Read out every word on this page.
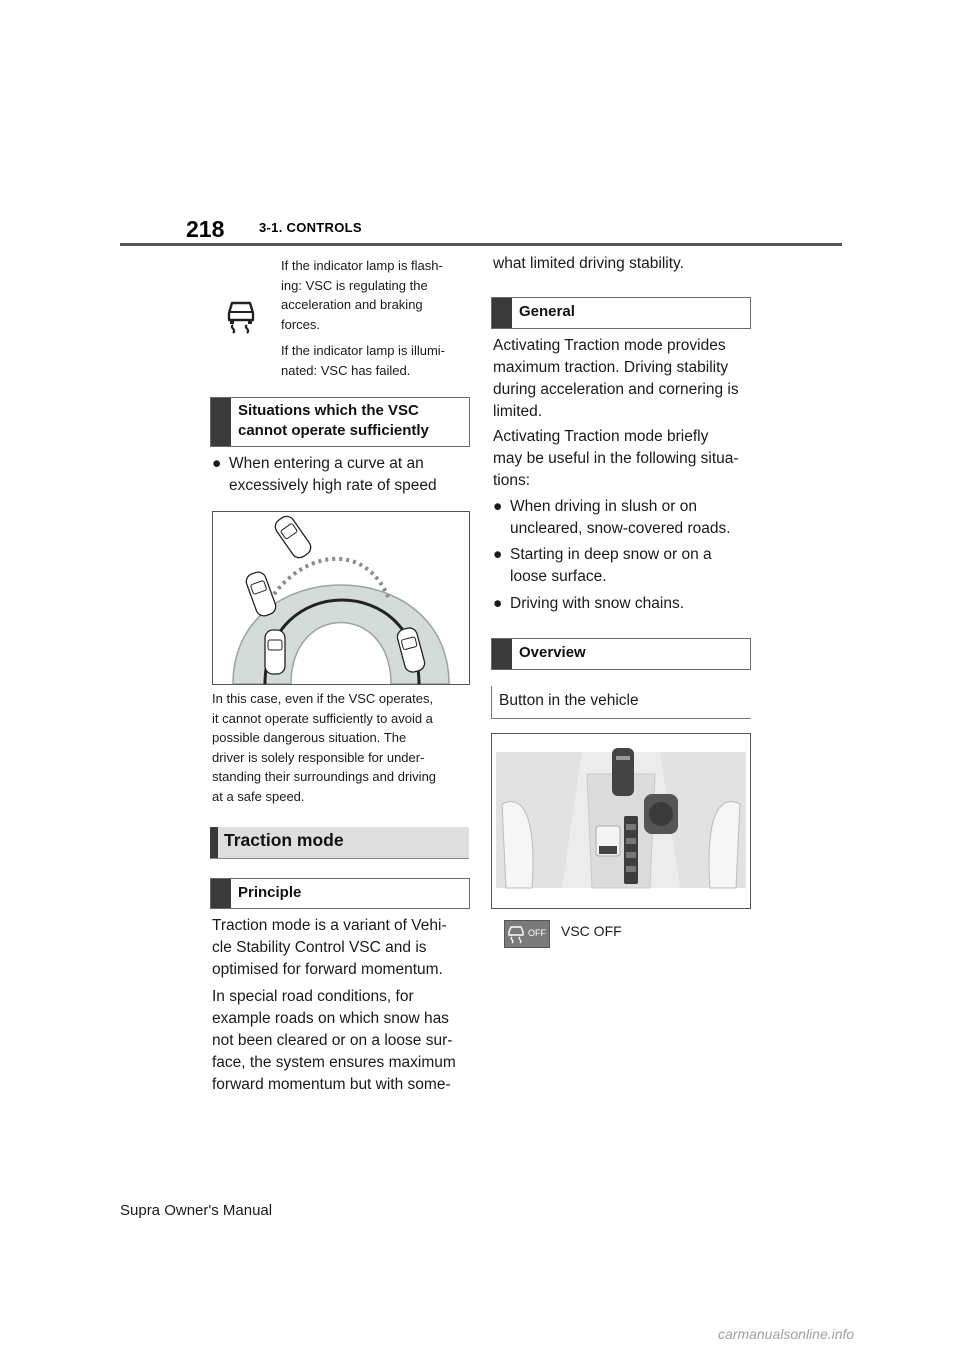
218	3-1. CONTROLS
If the indicator lamp is flash-
ing: VSC is regulating the
acceleration and braking
forces.
If the indicator lamp is illumi-
nated: VSC has failed.
Situations which the VSC
cannot operate sufficiently
● When entering a curve at an
excessively high rate of speed
In this case, even if the VSC operates,
it cannot operate sufficiently to avoid a
possible dangerous situation. The
driver is solely responsible for under-
standing their surroundings and driving
at a safe speed.
Traction mode
Principle
Traction mode is a variant of Vehi-
cle Stability Control VSC and is
optimised for forward momentum.
In special road conditions, for
example roads on which snow has
not been cleared or on a loose sur-
face, the system ensures maximum
forward momentum but with some-
what limited driving stability.
General
Activating Traction mode provides
maximum traction. Driving stability
during acceleration and cornering is
limited.
Activating Traction mode briefly
may be useful in the following situa-
tions:
● When driving in slush or on
uncleared, snow-covered roads.
● Starting in deep snow or on a
loose surface.
● Driving with snow chains.
Overview
Button in the vehicle
OFF VSC OFF
Supra Owner's Manual
carmanualsonline.info
